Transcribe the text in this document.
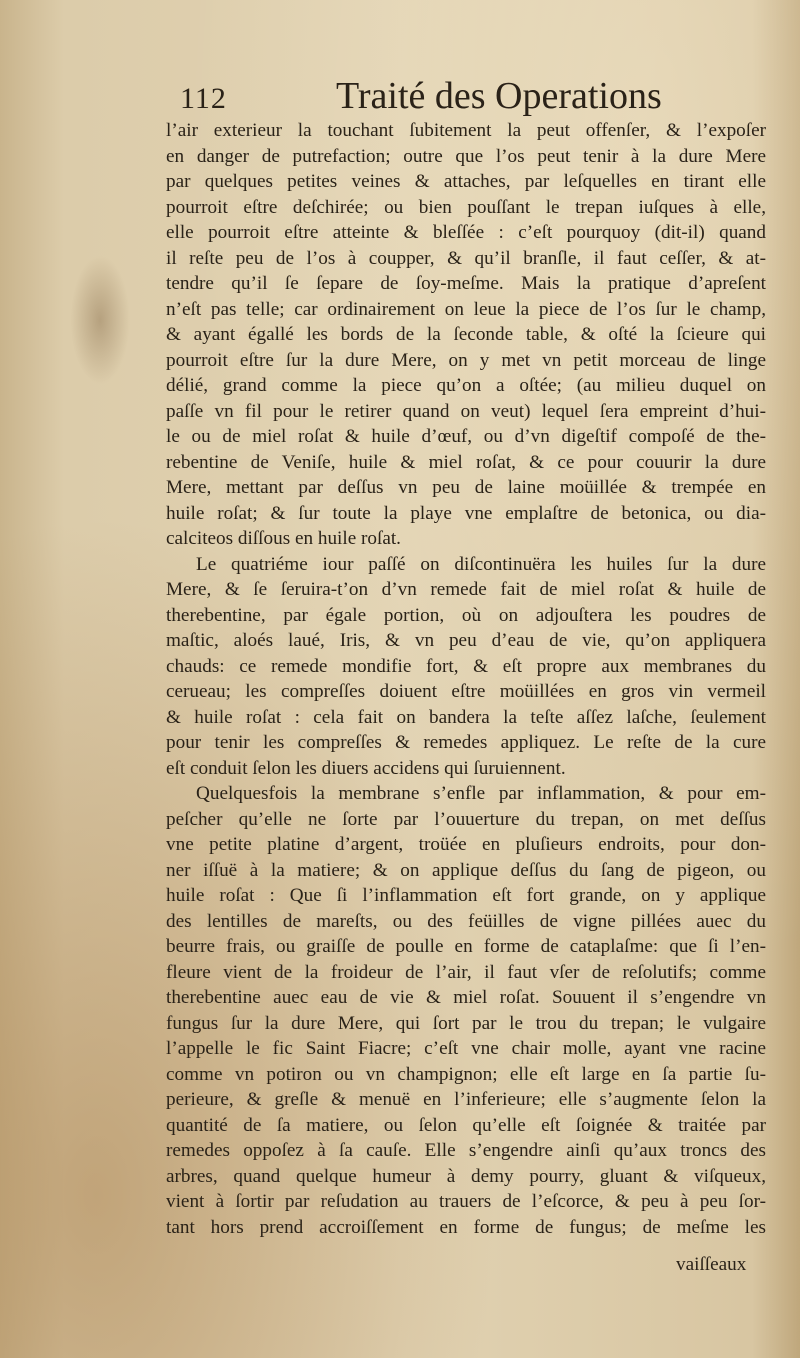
112	Traité des Operations
l’air exterieur la touchant ſubitement la peut offenſer, & l’expoſer
en danger de putrefaction; outre que l’os peut tenir à la dure Mere
par quelques petites veines & attaches, par leſquelles en tirant elle
pourroit eſtre deſchirée; ou bien pouſſant le trepan iuſques à elle,
elle pourroit eſtre atteinte & bleſſée : c’eſt pourquoy (dit-il) quand
il reſte peu de l’os à coupper, & qu’il branſle, il faut ceſſer, & at-
tendre qu’il ſe ſepare de ſoy-meſme. Mais la pratique d’apreſent
n’eſt pas telle; car ordinairement on leue la piece de l’os ſur le champ,
& ayant égallé les bords de la ſeconde table, & oſté la ſcieure qui
pourroit eſtre ſur la dure Mere, on y met vn petit morceau de linge
délié, grand comme la piece qu’on a oſtée; (au milieu duquel on
paſſe vn fil pour le retirer quand on veut) lequel ſera empreint d’hui-
le ou de miel roſat & huile d’œuf, ou d’vn digeſtif compoſé de the-
rebentine de Veniſe, huile & miel roſat, & ce pour couurir la dure
Mere, mettant par deſſus vn peu de laine moüillée & trempée en
huile roſat; & ſur toute la playe vne emplaſtre de betonica, ou dia-
calciteos diſſous en huile roſat.
Le quatriéme iour paſſé on diſcontinuëra les huiles ſur la dure
Mere, & ſe ſeruira-t’on d’vn remede fait de miel roſat & huile de
therebentine, par égale portion, où on adjouſtera les poudres de
maſtic, aloés laué, Iris, & vn peu d’eau de vie, qu’on appliquera
chauds: ce remede mondifie fort, & eſt propre aux membranes du
cerueau; les compreſſes doiuent eſtre moüillées en gros vin vermeil
& huile roſat : cela fait on bandera la teſte aſſez laſche, ſeulement
pour tenir les compreſſes & remedes appliquez. Le reſte de la cure
eſt conduit ſelon les diuers accidens qui ſuruiennent.
Quelquesfois la membrane s’enfle par inflammation, & pour em-
peſcher qu’elle ne ſorte par l’ouuerture du trepan, on met deſſus
vne petite platine d’argent, troüée en pluſieurs endroits, pour don-
ner iſſuë à la matiere; & on applique deſſus du ſang de pigeon, ou
huile roſat : Que ſi l’inflammation eſt fort grande, on y applique
des lentilles de mareſts, ou des feüilles de vigne pillées auec du
beurre frais, ou graiſſe de poulle en forme de cataplaſme: que ſi l’en-
fleure vient de la froideur de l’air, il faut vſer de reſolutifs; comme
therebentine auec eau de vie & miel roſat. Souuent il s’engendre vn
fungus ſur la dure Mere, qui ſort par le trou du trepan; le vulgaire
l’appelle le fic Saint Fiacre; c’eſt vne chair molle, ayant vne racine
comme vn potiron ou vn champignon; elle eſt large en ſa partie ſu-
perieure, & greſle & menuë en l’inferieure; elle s’augmente ſelon la
quantité de ſa matiere, ou ſelon qu’elle eſt ſoignée & traitée par
remedes oppoſez à ſa cauſe. Elle s’engendre ainſi qu’aux troncs des
arbres, quand quelque humeur à demy pourry, gluant & viſqueux,
vient à ſortir par reſudation au trauers de l’eſcorce, & peu à peu ſor-
tant hors prend accroiſſement en forme de fungus; de meſme les
vaiſſeaux
